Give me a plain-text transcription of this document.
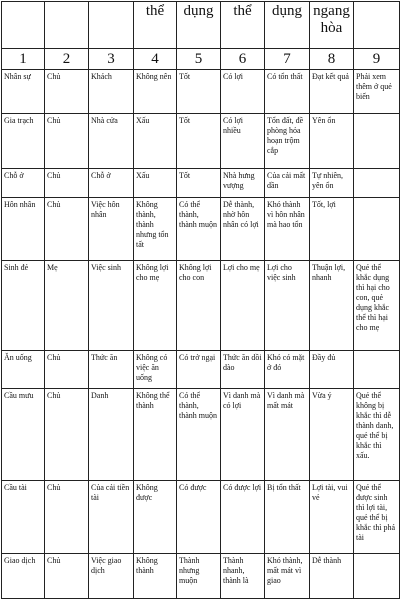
			thể	dụng	thể	dụng	ngang hòa	
1	2	3	4	5	6	7	8	9
Nhân sự	Chủ	Khách	Không nên	Tốt	Có lợi	Có tổn thất	Đạt kết quả	Phải xem thêm ở quẻ biến
Gia trạch	Chủ	Nhà cửa	Xấu	Tốt	Có lợi nhiều	Tổn đất, đề phòng hỏa hoạn trộm cắp	Yên ổn	
Chỗ ở	Chủ	Chỗ ở	Xấu	Tốt	Nhà hưng vượng	Của cải mất dần	Tự nhiên, yên ổn	
Hôn nhân	Chủ	Việc hôn nhân	Không thành, thành nhưng tổn tất	Có thể thành, thành muộn	Dễ thành, nhờ hôn nhân có lợi	Khó thành vì hôn nhân mà hao tổn	Tốt, lợi	
Sinh đẻ	Mẹ	Việc sinh	Không lợi cho mẹ	Không lợi cho con	Lợi cho mẹ	Lợi cho việc sinh	Thuận lợi, nhanh	Quẻ thể khắc dụng thì hại cho con, quẻ dụng khắc thể thì hại cho mẹ
Ăn uống	Chủ	Thức ăn	Không có việc ăn uống	Có trở ngại	Thức ăn dồi dào	Khó có mặt ở đó	Đầy đủ	
Cầu mưu	Chủ	Danh	Không thể thành	Có thể thành, thành muộn	Vì danh mà có lợi	Vì danh mà mất mát	Vừa ý	Quẻ thể không bị khắc thì dễ thành danh, quẻ thể bị khắc thì xấu.
Cầu tài	Chủ	Của cải tiền tài	Không được	Có được	Có được lợi	Bị tổn thất	Lợi tài, vui vẻ	Quẻ thể được sinh thì lợi tài, quẻ thể bị khắc thì phá tài
Giao dịch	Chủ	Việc giao dịch	Không thành	Thành nhưng muộn	Thành nhanh, thành là	Khó thành, mất mát vì giao	Dễ thành	
